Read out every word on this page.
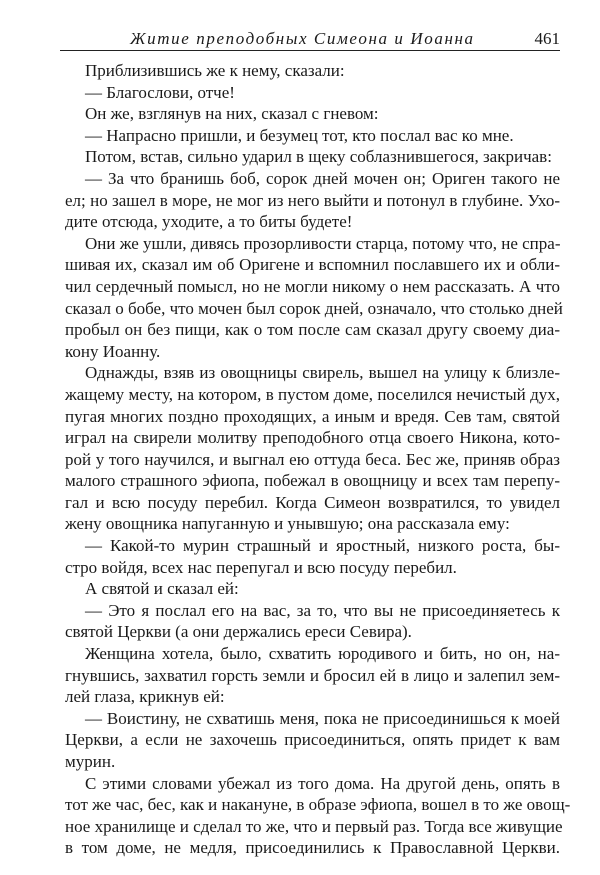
Житие преподобных Симеона и Иоанна	461
Приблизившись же к нему, сказали:
— Благослови, отче!
Он же, взглянув на них, сказал с гневом:
— Напрасно пришли, и безумец тот, кто послал вас ко мне.
Потом, встав, сильно ударил в щеку соблазнившегося, закричав:
— За что бранишь боб, сорок дней мочен он; Ориген такого не
ел; но зашел в море, не мог из него выйти и потонул в глубине. Ухо-
дите отсюда, уходите, а то биты будете!
Они же ушли, дивясь прозорливости старца, потому что, не спра-
шивая их, сказал им об Оригене и вспомнил пославшего их и обли-
чил сердечный помысл, но не могли никому о нем рассказать. А что
сказал о бобе, что мочен был сорок дней, означало, что столько дней
пробыл он без пищи, как о том после сам сказал другу своему диа-
кону Иоанну.
Однажды, взяв из овощницы свирель, вышел на улицу к близле-
жащему месту, на котором, в пустом доме, поселился нечистый дух,
пугая многих поздно проходящих, а иным и вредя. Сев там, святой
играл на свирели молитву преподобного отца своего Никона, кото-
рой у того научился, и выгнал ею оттуда беса. Бес же, приняв образ
малого страшного эфиопа, побежал в овощницу и всех там перепу-
гал и всю посуду перебил. Когда Симеон возвратился, то увидел
жену овощника напуганную и унывшую; она рассказала ему:
— Какой-то мурин страшный и яростный, низкого роста, бы-
стро войдя, всех нас перепугал и всю посуду перебил.
А святой и сказал ей:
— Это я послал его на вас, за то, что вы не присоединяетесь к
святой Церкви (а они держались ереси Севира).
Женщина хотела, было, схватить юродивого и бить, но он, на-
гнувшись, захватил горсть земли и бросил ей в лицо и залепил зем-
лей глаза, крикнув ей:
— Воистину, не схватишь меня, пока не присоединишься к моей
Церкви, а если не захочешь присоединиться, опять придет к вам
мурин.
С этими словами убежал из того дома. На другой день, опять в
тот же час, бес, как и накануне, в образе эфиопа, вошел в то же овощ-
ное хранилище и сделал то же, что и первый раз. Тогда все живущие
в том доме, не медля, присоединились к Православной Церкви.
